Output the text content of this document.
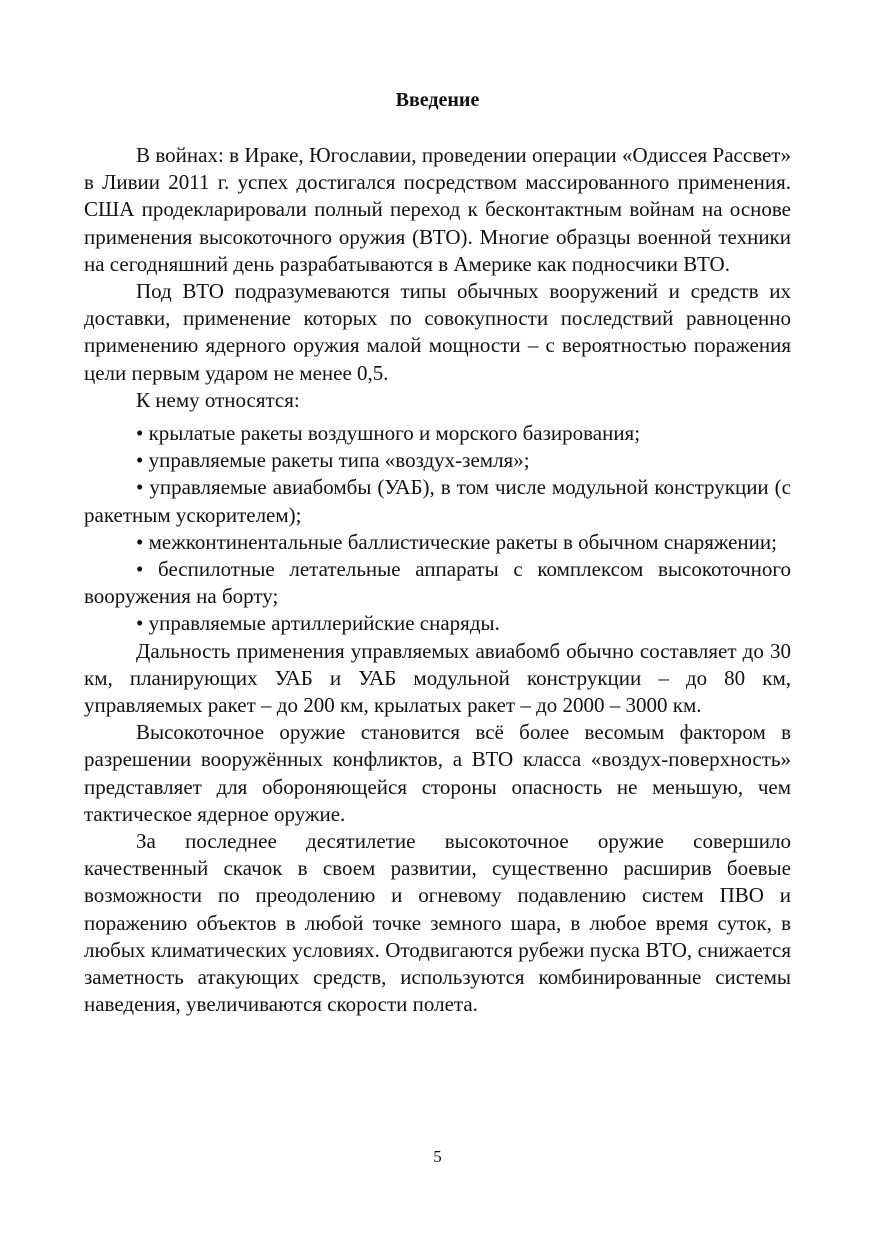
Введение

В войнах: в Ираке, Югославии, проведении операции «Одиссея Рассвет» в Ливии 2011 г. успех достигался посредством массированного применения. США продекларировали полный переход к бесконтактным войнам на основе применения высокоточного оружия (ВТО). Многие образцы военной техники на сегодняшний день разрабатываются в Америке как подносчики ВТО.

Под ВТО подразумеваются типы обычных вооружений и средств их доставки, применение которых по совокупности последствий равноценно применению ядерного оружия малой мощности – с вероятностью поражения цели первым ударом не менее 0,5.

К нему относятся:

• крылатые ракеты воздушного и морского базирования;
• управляемые ракеты типа «воздух-земля»;
• управляемые авиабомбы (УАБ), в том числе модульной конструкции (с ракетным ускорителем);
• межконтинентальные баллистические ракеты в обычном снаряжении;
• беспилотные летательные аппараты с комплексом высокоточного вооружения на борту;
• управляемые артиллерийские снаряды.

Дальность применения управляемых авиабомб обычно составляет до 30 км, планирующих УАБ и УАБ модульной конструкции – до 80 км, управляемых ракет – до 200 км, крылатых ракет – до 2000 – 3000 км.

Высокоточное оружие становится всё более весомым фактором в разрешении вооружённых конфликтов, а ВТО класса «воздух-поверхность» представляет для обороняющейся стороны опасность не меньшую, чем тактическое ядерное оружие.

За последнее десятилетие высокоточное оружие совершило качественный скачок в своем развитии, существенно расширив боевые возможности по преодолению и огневому подавлению систем ПВО и поражению объектов в любой точке земного шара, в любое время суток, в любых климатических условиях. Отодвигаются рубежи пуска ВТО, снижается заметность атакующих средств, используются комбинированные системы наведения, увеличиваются скорости полета.

5
